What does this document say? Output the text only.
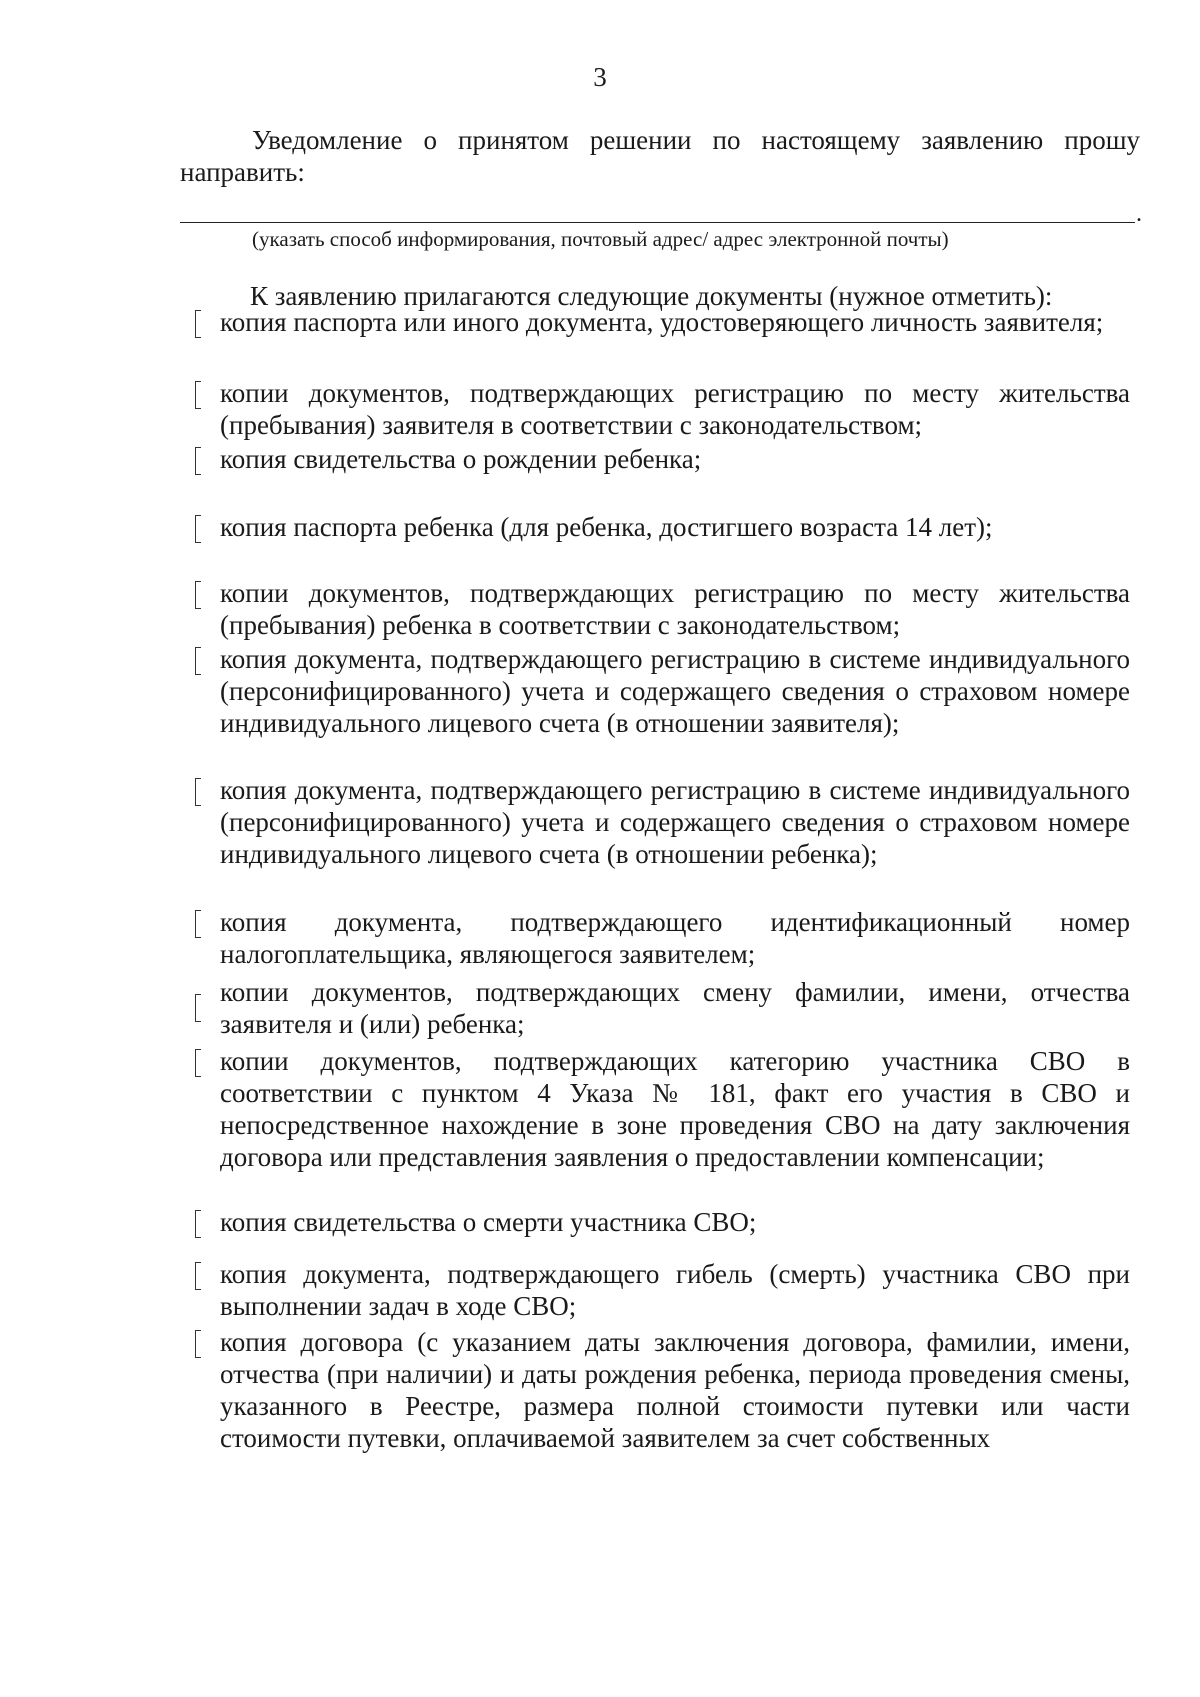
3

Уведомление о принятом решении по настоящему заявлению прошу направить:

.
(указать способ информирования, почтовый адрес/ адрес электронной почты)

К заявлению прилагаются следующие документы (нужное отметить):

копия паспорта или иного документа, удостоверяющего личность заявителя;

копии документов, подтверждающих регистрацию по месту жительства (пребывания) заявителя в соответствии с законодательством;

копия свидетельства о рождении ребенка;

копия паспорта ребенка (для ребенка, достигшего возраста 14 лет);

копии документов, подтверждающих регистрацию по месту жительства (пребывания) ребенка в соответствии с законодательством;

копия документа, подтверждающего регистрацию в системе индивидуального (персонифицированного) учета и содержащего сведения о страховом номере индивидуального лицевого счета (в отношении заявителя);

копия документа, подтверждающего регистрацию в системе индивидуального (персонифицированного) учета и содержащего сведения о страховом номере индивидуального лицевого счета (в отношении ребенка);

копия документа, подтверждающего идентификационный номер налогоплательщика, являющегося заявителем;

копии документов, подтверждающих смену фамилии, имени, отчества заявителя и (или) ребенка;

копии документов, подтверждающих категорию участника СВО в соответствии с пунктом 4 Указа № 181, факт его участия в СВО и непосредственное нахождение в зоне проведения СВО на дату заключения договора или представления заявления о предоставлении компенсации;

копия свидетельства о смерти участника СВО;

копия документа, подтверждающего гибель (смерть) участника СВО при выполнении задач в ходе СВО;

копия договора (с указанием даты заключения договора, фамилии, имени, отчества (при наличии) и даты рождения ребенка, периода проведения смены, указанного в Реестре, размера полной стоимости путевки или части стоимости путевки, оплачиваемой заявителем за счет собственных
